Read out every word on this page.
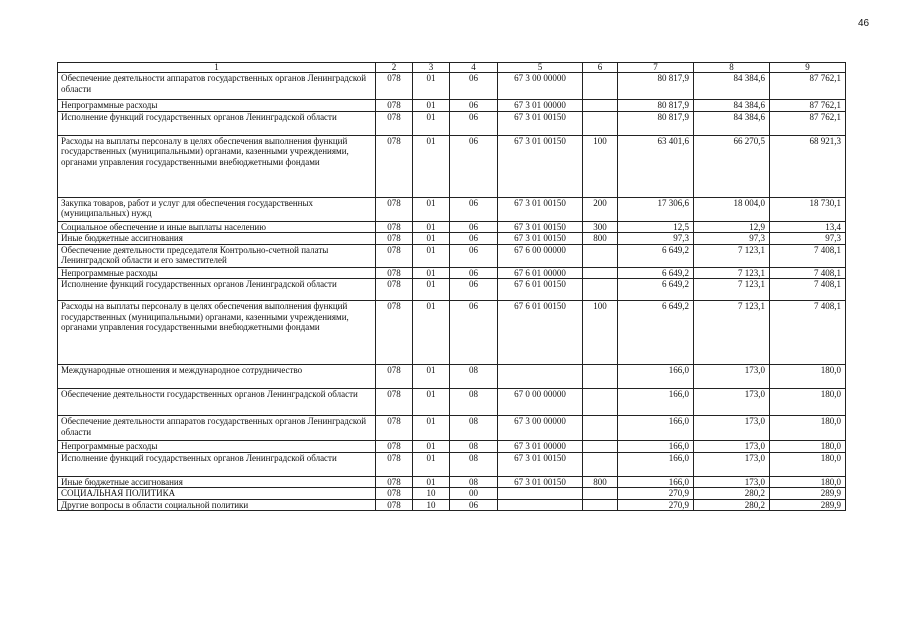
46
1	2	3	4	5	6	7	8	9
Обеспечение деятельности аппаратов государственных органов Ленинградской области	078	01	06	67 3 00 00000		80 817,9	84 384,6	87 762,1
Непрограммные расходы	078	01	06	67 3 01 00000		80 817,9	84 384,6	87 762,1
Исполнение функций государственных органов Ленинградской области	078	01	06	67 3 01 00150		80 817,9	84 384,6	87 762,1
Расходы на выплаты персоналу в целях обеспечения выполнения функций государственных (муниципальными) органами, казенными учреждениями, органами управления государственными внебюджетными фондами	078	01	06	67 3 01 00150	100	63 401,6	66 270,5	68 921,3
Закупка товаров, работ и услуг для обеспечения государственных (муниципальных) нужд	078	01	06	67 3 01 00150	200	17 306,6	18 004,0	18 730,1
Социальное обеспечение и иные выплаты населению	078	01	06	67 3 01 00150	300	12,5	12,9	13,4
Иные бюджетные ассигнования	078	01	06	67 3 01 00150	800	97,3	97,3	97,3
Обеспечение деятельности председателя Контрольно-счетной палаты Ленинградской области и его заместителей	078	01	06	67 6 00 00000		6 649,2	7 123,1	7 408,1
Непрограммные расходы	078	01	06	67 6 01 00000		6 649,2	7 123,1	7 408,1
Исполнение функций государственных органов Ленинградской области	078	01	06	67 6 01 00150		6 649,2	7 123,1	7 408,1
Расходы на выплаты персоналу в целях обеспечения выполнения функций государственных (муниципальными) органами, казенными учреждениями, органами управления государственными внебюджетными фондами	078	01	06	67 6 01 00150	100	6 649,2	7 123,1	7 408,1
Международные отношения и международное сотрудничество	078	01	08			166,0	173,0	180,0
Обеспечение деятельности государственных органов Ленинградской области	078	01	08	67 0 00 00000		166,0	173,0	180,0
Обеспечение деятельности аппаратов государственных органов Ленинградской области	078	01	08	67 3 00 00000		166,0	173,0	180,0
Непрограммные расходы	078	01	08	67 3 01 00000		166,0	173,0	180,0
Исполнение функций государственных органов Ленинградской области	078	01	08	67 3 01 00150		166,0	173,0	180,0
Иные бюджетные ассигнования	078	01	08	67 3 01 00150	800	166,0	173,0	180,0
СОЦИАЛЬНАЯ ПОЛИТИКА	078	10	00			270,9	280,2	289,9
Другие вопросы в области социальной политики	078	10	06			270,9	280,2	289,9
